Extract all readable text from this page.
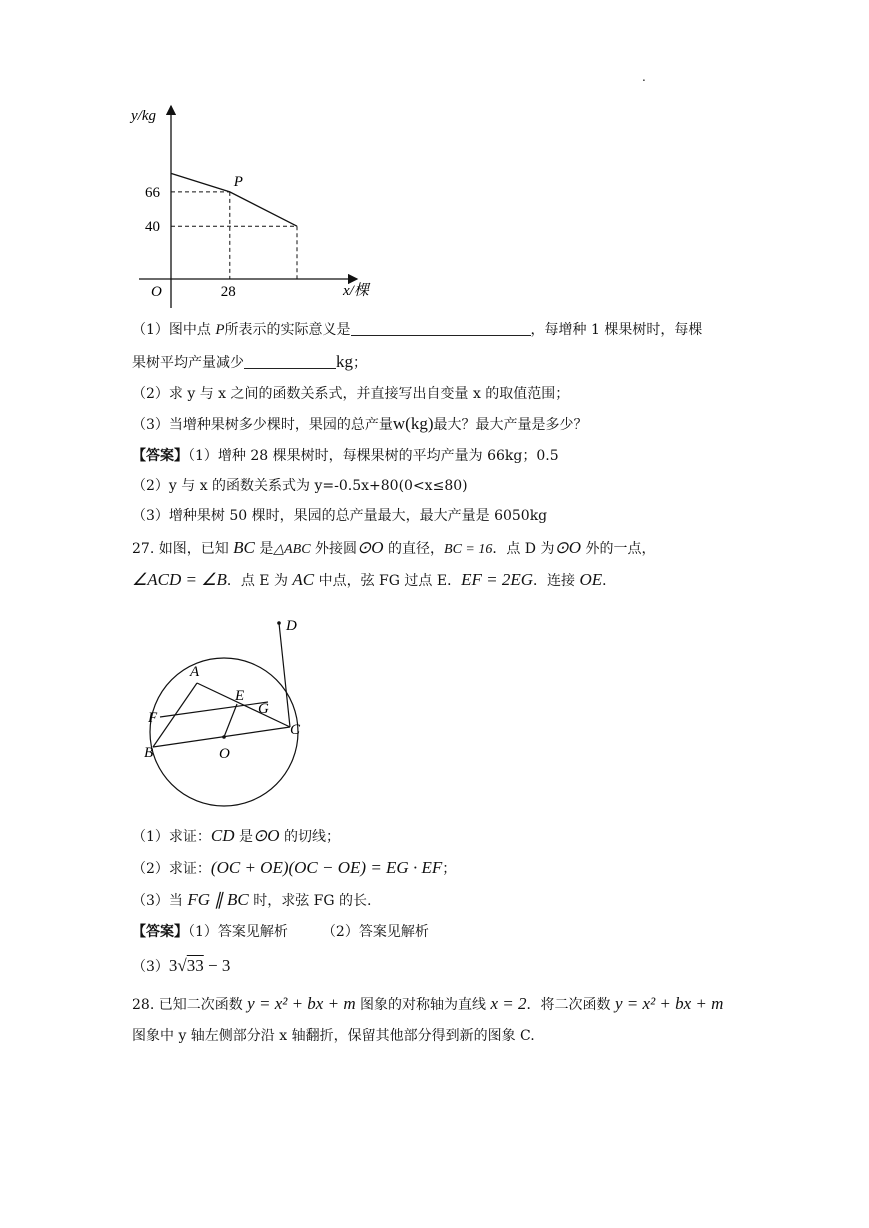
.
66
40
28
P
y/kg
x/棵
O
（1）图中点 P所表示的实际意义是	，每增种 1 棵果树时，每棵
果树平均产量减少	kg；
（2）求 y 与 x 之间的函数关系式，并直接写出自变量 x 的取值范围；
（3）当增种果树多少棵时，果园的总产量w(kg)最大？最大产量是多少？
【答案】（1）增种 28 棵果树时，每棵果树的平均产量为 66kg；0.5
（2）y 与 x 的函数关系式为 y=-0.5x+80(0<x≤80)
（3）增种果树 50 棵时，果园的总产量最大，最大产量是 6050kg
27. 如图，已知 BC 是△ABC 外接圆⊙O 的直径，BC = 16．点 D 为⊙O 外的一点，
∠ACD = ∠B．点 E 为 AC 中点，弦 FG 过点 E．EF = 2EG．连接 OE．
A
B
C
D
E
F
G
O
（1）求证：CD 是⊙O 的切线；
（2）求证：(OC + OE)(OC − OE) = EG · EF；
（3）当 FG ∥ BC 时，求弦 FG 的长.
【答案】（1）答案见解析 （2）答案见解析
（3）3√33 − 3
28. 已知二次函数 y = x² + bx + m 图象的对称轴为直线 x = 2．将二次函数 y = x² + bx + m
图象中 y 轴左侧部分沿 x 轴翻折，保留其他部分得到新的图象 C.
